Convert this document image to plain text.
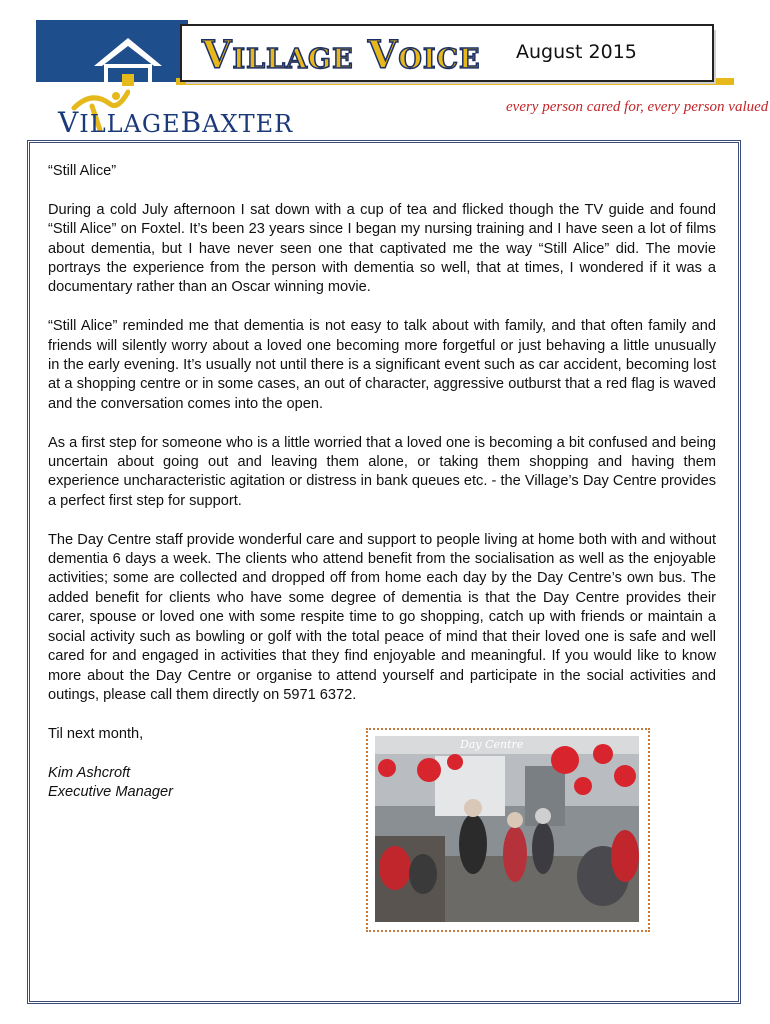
Village Voice August 2015
VILLAGEBAXTER
every person cared for, every person valued

“Still Alice”

During a cold July afternoon I sat down with a cup of tea and flicked though the TV guide and found “Still Alice” on Foxtel. It’s been 23 years since I began my nursing training and I have seen a lot of films about dementia, but I have never seen one that captivated me the way “Still Alice” did. The movie portrays the experience from the person with dementia so well, that at times, I wondered if it was a documentary rather than an Oscar winning movie.

“Still Alice” reminded me that dementia is not easy to talk about with family, and that often family and friends will silently worry about a loved one becoming more forgetful or just behaving a little unusually in the early evening. It’s usually not until there is a significant event such as car accident, becoming lost at a shopping centre or in some cases, an out of character, aggressive outburst that a red flag is waved and the conversation comes into the open.

As a first step for someone who is a little worried that a loved one is becoming a bit confused and being uncertain about going out and leaving them alone, or taking them shopping and having them experience uncharacteristic agitation or distress in bank queues etc. - the Village’s Day Centre provides a perfect first step for support.

The Day Centre staff provide wonderful care and support to people living at home both with and without dementia 6 days a week. The clients who attend benefit from the socialisation as well as the enjoyable activities; some are collected and dropped off from home each day by the Day Centre’s own bus. The added benefit for clients who have some degree of dementia is that the Day Centre provides their carer, spouse or loved one with some respite time to go shopping, catch up with friends or maintain a social activity such as bowling or golf with the total peace of mind that their loved one is safe and well cared for and engaged in activities that they find enjoyable and meaningful. If you would like to know more about the Day Centre or organise to attend yourself and participate in the social activities and outings, please call them directly on 5971 6372.

Til next month,

Kim Ashcroft

Executive Manager

Day Centre
